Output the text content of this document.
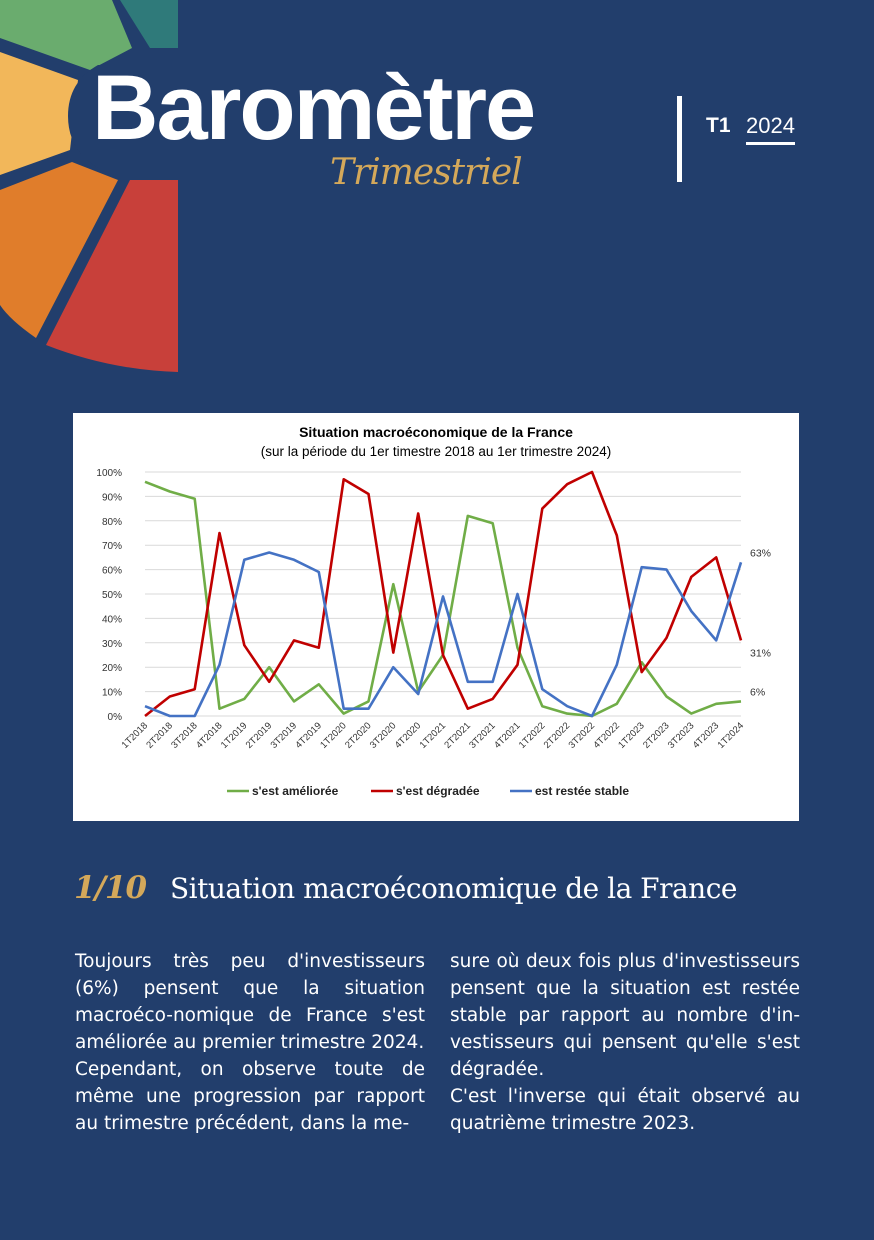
Baromètre
Trimestriel
T1 2024
Situation macroéconomique de la France
(sur la période du 1er timestre 2018 au 1er trimestre 2024)
0%
10%
20%
30%
40%
50%
60%
70%
80%
90%
100%
1T2018
2T2018
3T2018
4T2018
1T2019
2T2019
3T2019
4T2019
1T2020
2T2020
3T2020
4T2020
1T2021
2T2021
3T2021
4T2021
1T2022
2T2022
3T2022
4T2022
1T2023
2T2023
3T2023
4T2023
1T2024
6%
31%
63%
s'est améliorée	s'est dégradée	est restée stable
1/10 Situation macroéconomique de la France

Toujours très peu d'investisseurs (6%) pensent que la situation macroéco-nomique de France s'est améliorée au premier trimestre 2024.

Cependant, on observe toute de même une progression par rapport au trimestre précédent, dans la me-

sure où deux fois plus d'investisseurs pensent que la situation est restée stable par rapport au nombre d'in-vestisseurs qui pensent qu'elle s'est dégradée.

C'est l'inverse qui était observé au quatrième trimestre 2023.
